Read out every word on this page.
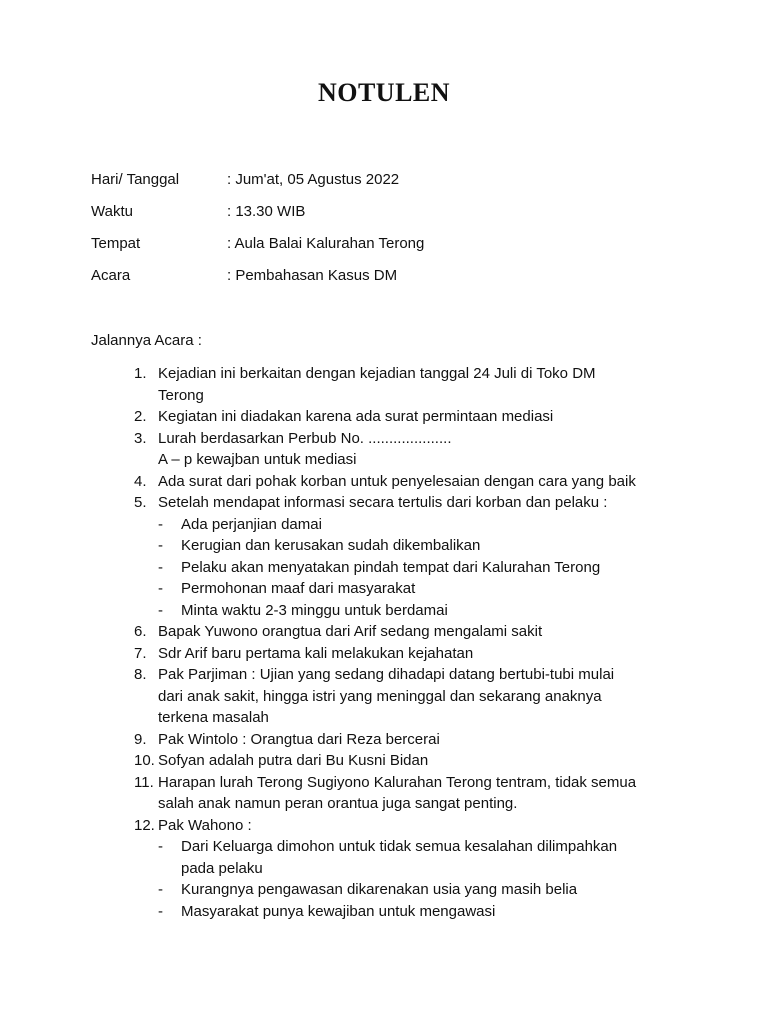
NOTULEN
Hari/ Tanggal	: Jum'at, 05 Agustus 2022
Waktu	: 13.30 WIB
Tempat	: Aula Balai Kalurahan Terong
Acara	: Pembahasan Kasus DM
Jalannya Acara :
1. Kejadian ini berkaitan dengan kejadian tanggal 24 Juli di Toko DM
Terong
2. Kegiatan ini diadakan karena ada surat permintaan mediasi
3. Lurah berdasarkan Perbub No. ....................
A – p kewajban untuk mediasi
4. Ada surat dari pohak korban untuk penyelesaian dengan cara yang baik
5. Setelah mendapat informasi secara tertulis dari korban dan pelaku :
- Ada perjanjian damai
- Kerugian dan kerusakan sudah dikembalikan
- Pelaku akan menyatakan pindah tempat dari Kalurahan Terong
- Permohonan maaf dari masyarakat
- Minta waktu 2-3 minggu untuk berdamai
6. Bapak Yuwono orangtua dari Arif sedang mengalami sakit
7. Sdr Arif baru pertama kali melakukan kejahatan
8. Pak Parjiman : Ujian yang sedang dihadapi datang bertubi-tubi mulai
dari anak sakit, hingga istri yang meninggal dan sekarang anaknya
terkena masalah
9. Pak Wintolo : Orangtua dari Reza bercerai
10. Sofyan adalah putra dari Bu Kusni Bidan
11. Harapan lurah Terong Sugiyono Kalurahan Terong tentram, tidak semua
salah anak namun peran orantua juga sangat penting.
12. Pak Wahono :
- Dari Keluarga dimohon untuk tidak semua kesalahan dilimpahkan
pada pelaku
- Kurangnya pengawasan dikarenakan usia yang masih belia
- Masyarakat punya kewajiban untuk mengawasi
